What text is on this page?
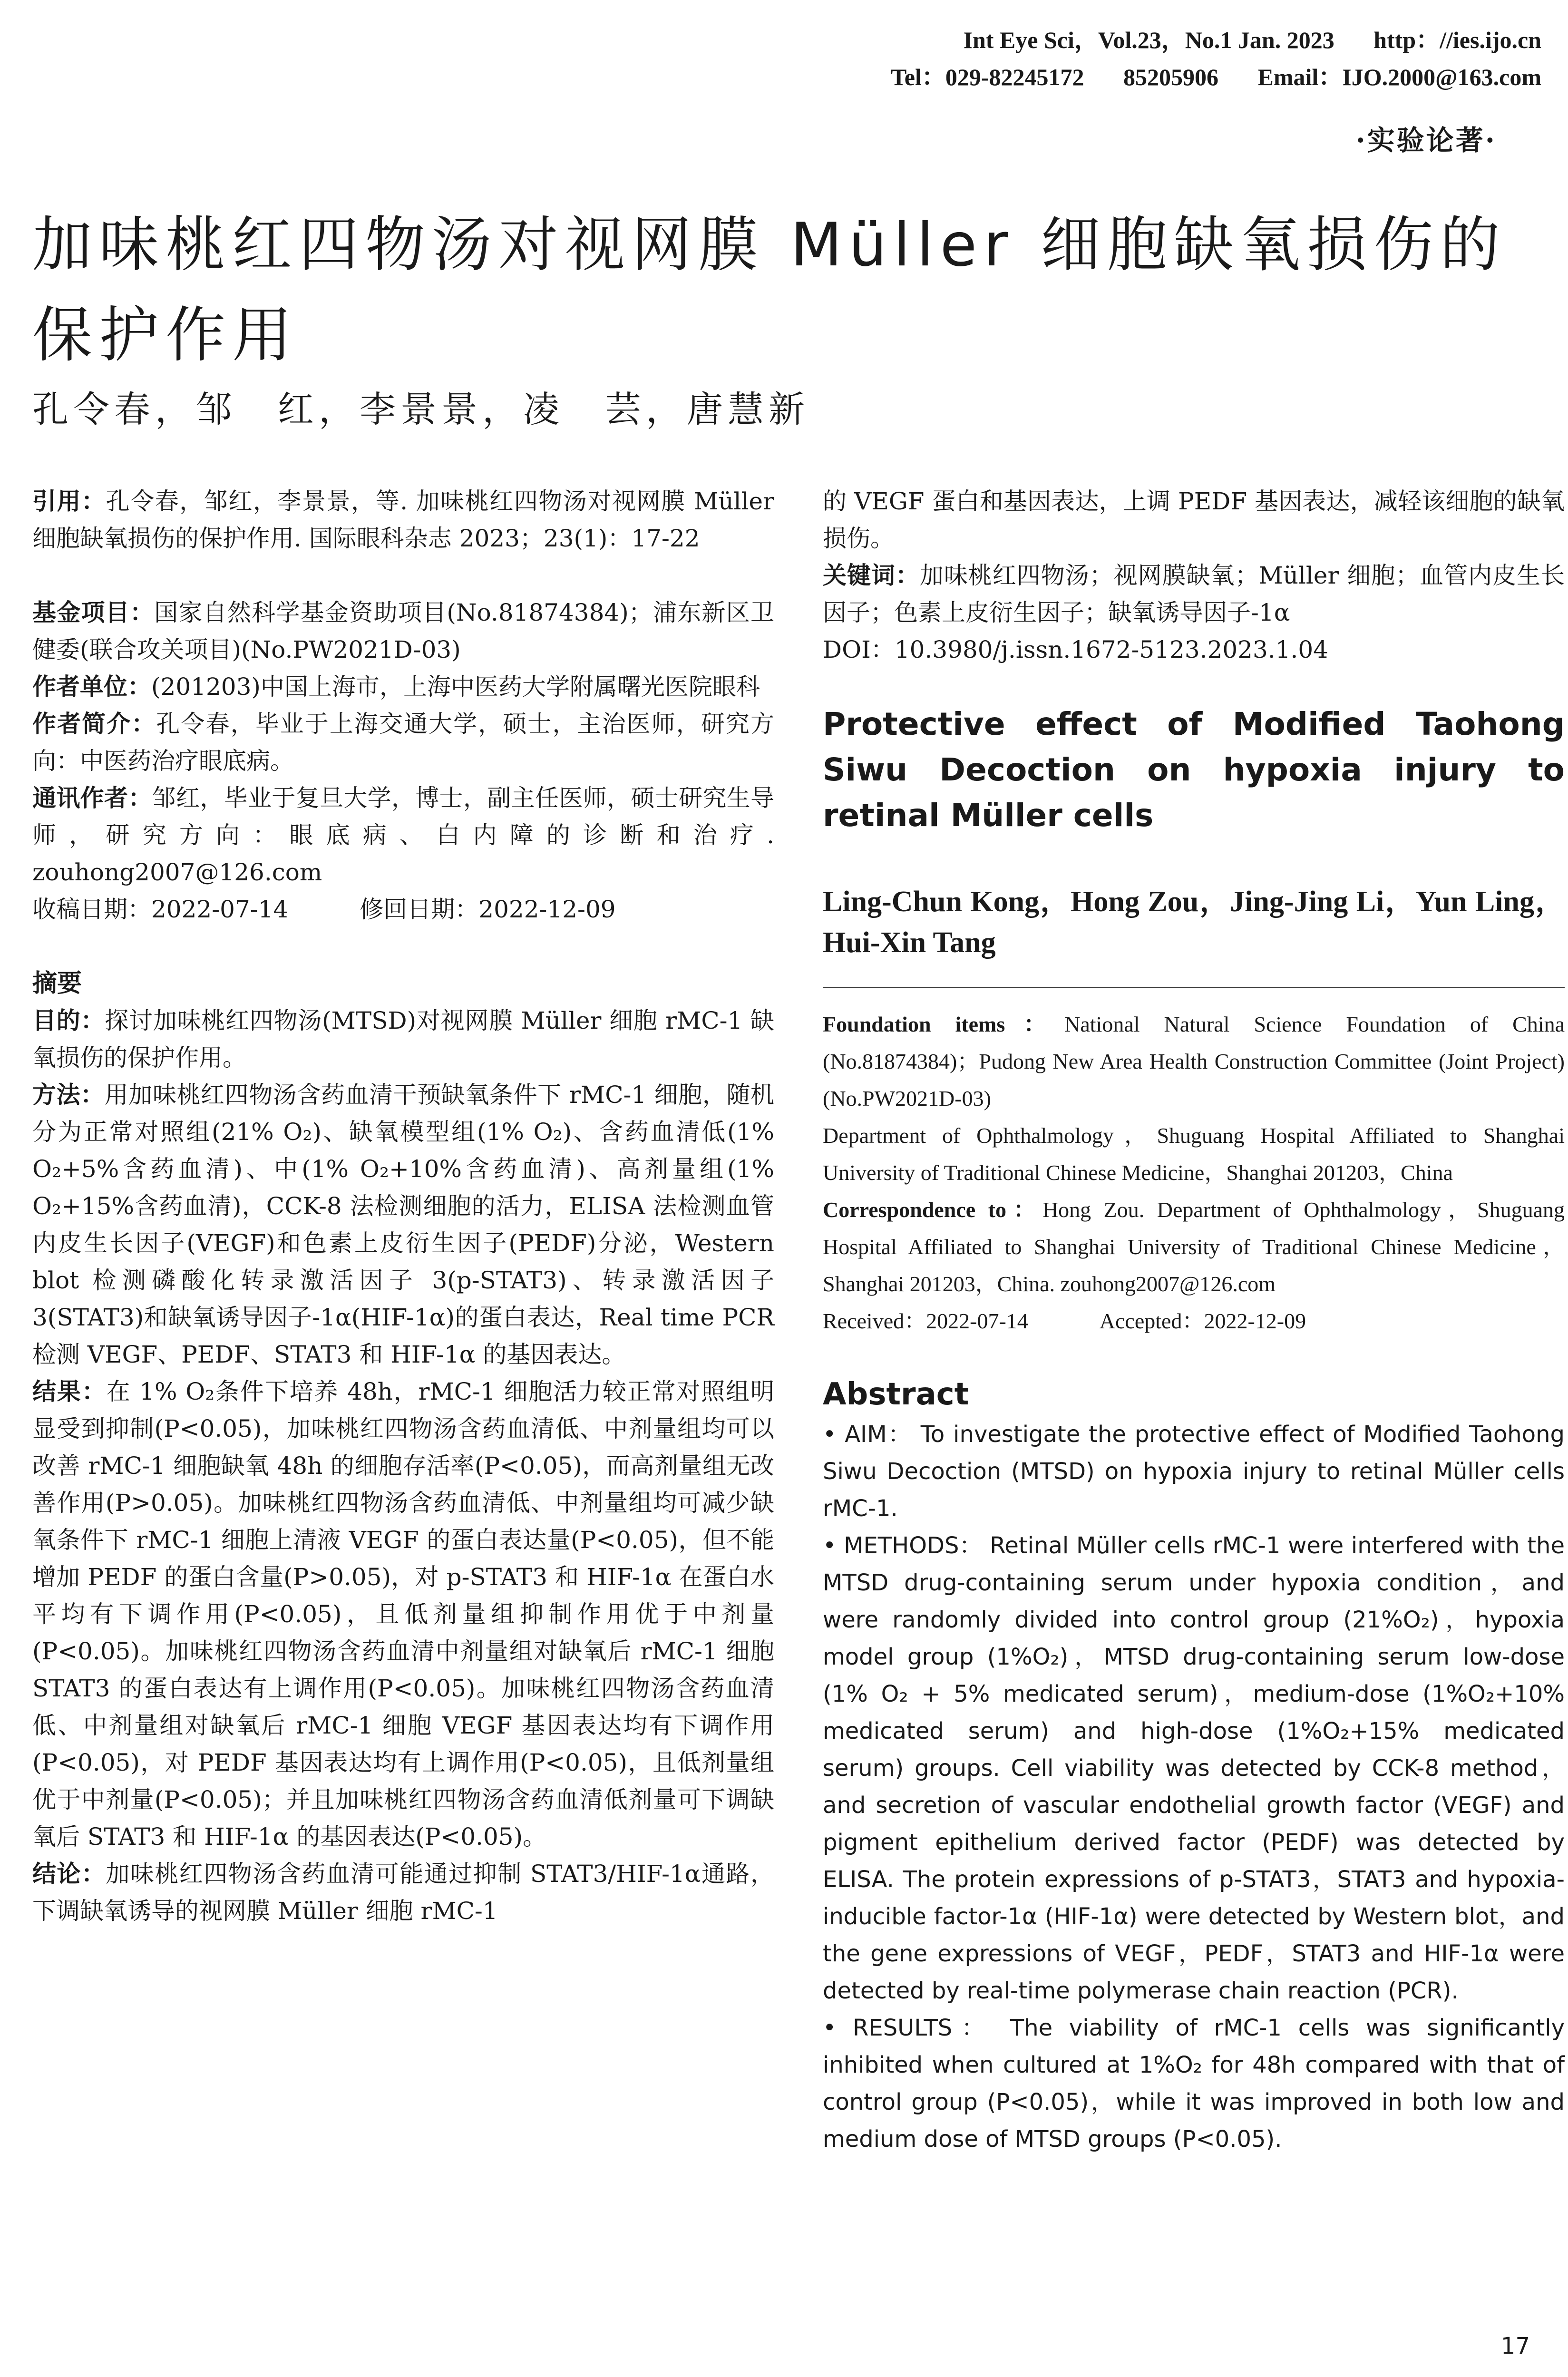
Int Eye Sci，Vol.23，No.1 Jan. 2023 http：//ies.ijo.cn
Tel：029-82245172 85205906 Email：IJO.2000@163.com
·实验论著·
加味桃红四物汤对视网膜 Müller 细胞缺氧损伤的保护作用
孔令春，邹　红，李景景，凌　芸，唐慧新

引用：孔令春，邹红，李景景，等. 加味桃红四物汤对视网膜 Müller 细胞缺氧损伤的保护作用. 国际眼科杂志 2023；23(1)：17-22

基金项目：国家自然科学基金资助项目(No.81874384)；浦东新区卫健委(联合攻关项目)(No.PW2021D-03)

作者单位：(201203)中国上海市，上海中医药大学附属曙光医院眼科

作者简介：孔令春，毕业于上海交通大学，硕士，主治医师，研究方向：中医药治疗眼底病。

通讯作者：邹红，毕业于复旦大学，博士，副主任医师，硕士研究生导师，研究方向：眼底病、白内障的诊断和治疗. zouhong2007@126.com

收稿日期：2022-07-14	修回日期：2022-12-09

摘要

目的：探讨加味桃红四物汤(MTSD)对视网膜 Müller 细胞 rMC-1 缺氧损伤的保护作用。

方法：用加味桃红四物汤含药血清干预缺氧条件下 rMC-1 细胞，随机分为正常对照组(21% O₂)、缺氧模型组(1% O₂)、含药血清低(1% O₂+5%含药血清)、中(1% O₂+10%含药血清)、高剂量组(1% O₂+15%含药血清)，CCK-8 法检测细胞的活力，ELISA 法检测血管内皮生长因子(VEGF)和色素上皮衍生因子(PEDF)分泌，Western blot 检测磷酸化转录激活因子 3(p-STAT3)、转录激活因子 3(STAT3)和缺氧诱导因子-1α(HIF-1α)的蛋白表达，Real time PCR 检测 VEGF、PEDF、STAT3 和 HIF-1α 的基因表达。

结果：在 1% O₂条件下培养 48h，rMC-1 细胞活力较正常对照组明显受到抑制(P<0.05)，加味桃红四物汤含药血清低、中剂量组均可以改善 rMC-1 细胞缺氧 48h 的细胞存活率(P<0.05)，而高剂量组无改善作用(P>0.05)。加味桃红四物汤含药血清低、中剂量组均可减少缺氧条件下 rMC-1 细胞上清液 VEGF 的蛋白表达量(P<0.05)，但不能增加 PEDF 的蛋白含量(P>0.05)，对 p-STAT3 和 HIF-1α 在蛋白水平均有下调作用(P<0.05)，且低剂量组抑制作用优于中剂量(P<0.05)。加味桃红四物汤含药血清中剂量组对缺氧后 rMC-1 细胞 STAT3 的蛋白表达有上调作用(P<0.05)。加味桃红四物汤含药血清低、中剂量组对缺氧后 rMC-1 细胞 VEGF 基因表达均有下调作用(P<0.05)，对 PEDF 基因表达均有上调作用(P<0.05)，且低剂量组优于中剂量(P<0.05)；并且加味桃红四物汤含药血清低剂量可下调缺氧后 STAT3 和 HIF-1α 的基因表达(P<0.05)。

结论：加味桃红四物汤含药血清可能通过抑制 STAT3/HIF-1α通路，下调缺氧诱导的视网膜 Müller 细胞 rMC-1

的 VEGF 蛋白和基因表达，上调 PEDF 基因表达，减轻该细胞的缺氧损伤。

关键词：加味桃红四物汤；视网膜缺氧；Müller 细胞；血管内皮生长因子；色素上皮衍生因子；缺氧诱导因子-1α

DOI：10.3980/j.issn.1672-5123.2023.1.04

Protective effect of Modified Taohong Siwu Decoction on hypoxia injury to retinal Müller cells

Ling-Chun Kong，Hong Zou，Jing-Jing Li，Yun Ling，Hui-Xin Tang

Foundation items：National Natural Science Foundation of China (No.81874384)；Pudong New Area Health Construction Committee (Joint Project) (No.PW2021D-03)

Department of Ophthalmology，Shuguang Hospital Affiliated to Shanghai University of Traditional Chinese Medicine，Shanghai 201203，China

Correspondence to：Hong Zou. Department of Ophthalmology，Shuguang Hospital Affiliated to Shanghai University of Traditional Chinese Medicine，Shanghai 201203，China. zouhong2007@126.com

Received：2022-07-14	Accepted：2022-12-09

Abstract

• AIM： To investigate the protective effect of Modified Taohong Siwu Decoction (MTSD) on hypoxia injury to retinal Müller cells rMC-1.

• METHODS： Retinal Müller cells rMC-1 were interfered with the MTSD drug-containing serum under hypoxia condition，and were randomly divided into control group (21%O₂)，hypoxia model group (1%O₂)，MTSD drug-containing serum low-dose (1% O₂ + 5% medicated serum)，medium-dose (1%O₂+10% medicated serum) and high-dose (1%O₂+15% medicated serum) groups. Cell viability was detected by CCK-8 method，and secretion of vascular endothelial growth factor (VEGF) and pigment epithelium derived factor (PEDF) was detected by ELISA. The protein expressions of p-STAT3，STAT3 and hypoxia-inducible factor-1α (HIF-1α) were detected by Western blot，and the gene expressions of VEGF，PEDF，STAT3 and HIF-1α were detected by real-time polymerase chain reaction (PCR).

• RESULTS： The viability of rMC-1 cells was significantly inhibited when cultured at 1%O₂ for 48h compared with that of control group (P<0.05)，while it was improved in both low and medium dose of MTSD groups (P<0.05).

17
